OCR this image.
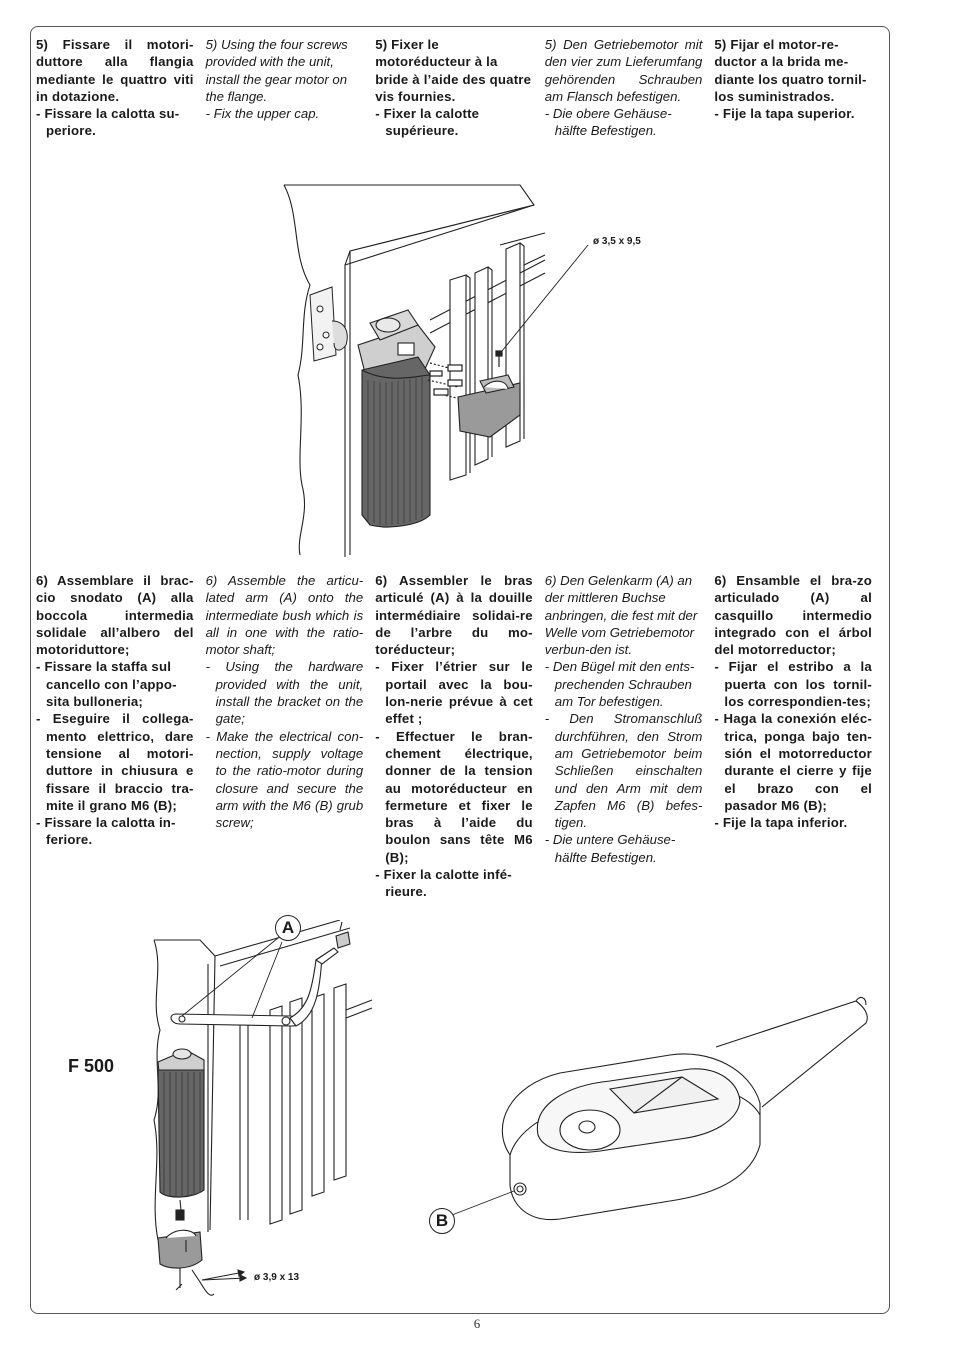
5) Fissare il motori-duttore alla flangia mediante le quattro viti in dotazione.

- Fissare la calotta su-periore.

5) Using the four screws provided with the unit, install the gear motor on the flange.

- Fix the upper cap.

5) Fixer le motoréducteur à la bride à l’aide des quatre vis fournies.

- Fixer la calotte supérieure.

5) Den Getriebemotor mit den vier zum Lieferumfang gehörenden Schrauben am Flansch befestigen.

- Die obere Gehäuse-hälfte Befestigen.

5) Fijar el motor-re-ductor a la brida me-diante los quatro tornil-los suministrados.

- Fije la tapa superior.

ø 3,5 x 9,5

6) Assemblare il brac-cio snodato (A) alla boccola intermedia solidale all’albero del motoriduttore;

- Fissare la staffa sul cancello con l’appo-sita bulloneria;

- Eseguire il collega-mento elettrico, dare tensione al motori-duttore in chiusura e fissare il braccio tra-mite il grano M6 (B);

- Fissare la calotta in-feriore.

6) Assemble the articu-lated arm (A) onto the intermediate bush which is all in one with the ratio-motor shaft;

- Using the hardware provided with the unit, install the bracket on the gate;

- Make the electrical con-nection, supply voltage to the ratio-motor during closure and secure the arm with the M6 (B) grub screw;

6) Assembler le bras articulé (A) à la douille intermédiaire solidai-re de l’arbre du mo-toréducteur;

- Fixer l’étrier sur le portail avec la bou-lon-nerie prévue à cet effet ;

- Effectuer le bran-chement électrique, donner de la tension au motoréducteur en fermeture et fixer le bras à l’aide du boulon sans tête M6 (B);

- Fixer la calotte infé-rieure.

6) Den Gelenkarm (A) an der mittleren Buchse anbringen, die fest mit der Welle vom Getriebemotor verbun-den ist.

- Den Bügel mit den ents-prechenden Schrauben am Tor befestigen.

- Den Stromanschluß durchführen, den Strom am Getriebemotor beim Schließen einschalten und den Arm mit dem Zapfen M6 (B) befes-tigen.

- Die untere Gehäuse-hälfte Befestigen.

6) Ensamble el bra-zo articulado (A) al casquillo intermedio integrado con el árbol del motorreductor;

- Fijar el estribo a la puerta con los tornil-los correspondien-tes;

- Haga la conexión eléc-trica, ponga bajo ten-sión el motorreductor durante el cierre y fije el brazo con el pasador M6 (B);

- Fije la tapa inferior.

A
F 500
ø 3,9 x 13
B
6
